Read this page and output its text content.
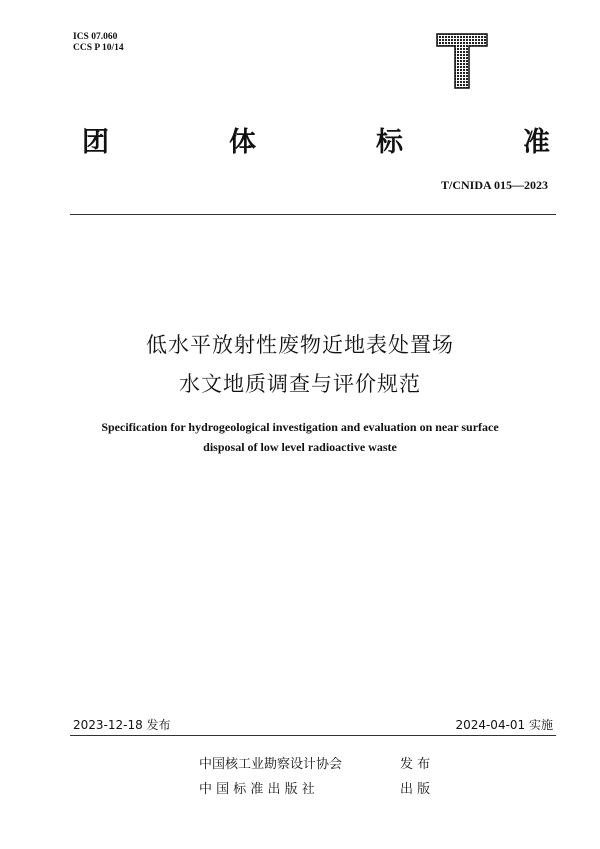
ICS 07.060
CCS P 10/14
团	体	标	准
T/CNIDA 015—2023
低水平放射性废物近地表处置场
水文地质调查与评价规范
Specification for hydrogeological investigation and evaluation on near surface
disposal of low level radioactive waste
2023-12-18 发布	2024-04-01 实施
中国核工业勘察设计协会	发 布
中 国 标 准 出 版 社	出 版
